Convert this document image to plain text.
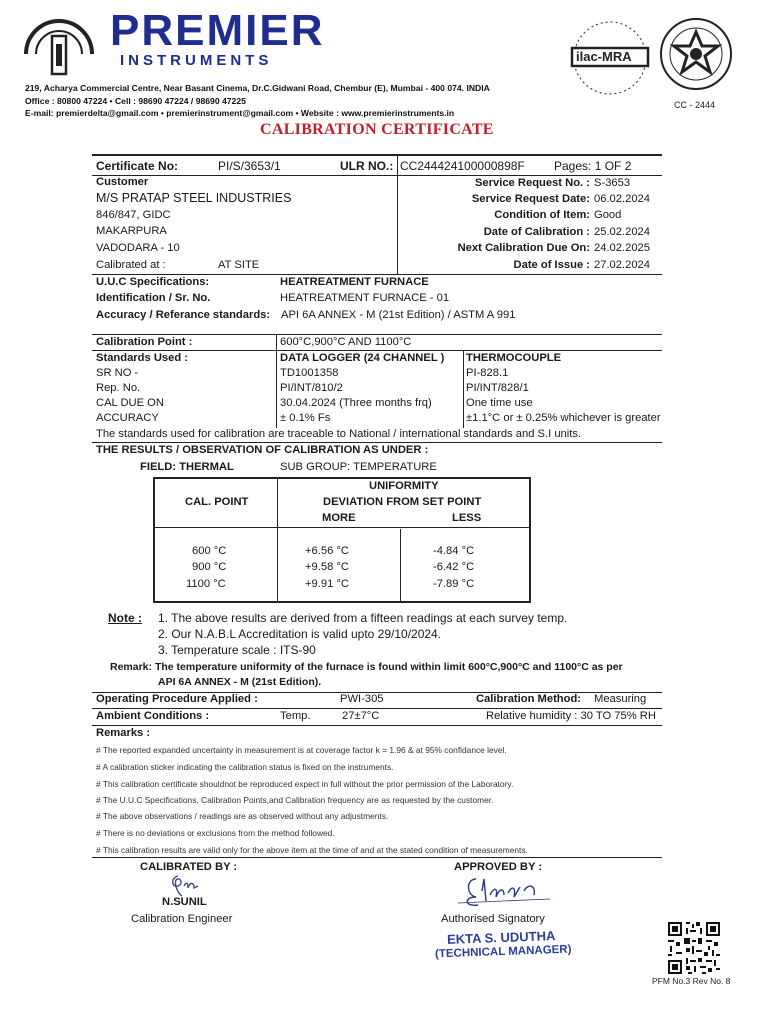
PREMIER
INSTRUMENTS
219, Acharya Commercial Centre, Near Basant Cinema, Dr.C.Gidwani Road, Chembur (E), Mumbai - 400 074. INDIA
Office : 80800 47224 • Cell : 98690 47224 / 98690 47225
E-mail: premierdelta@gmail.com • premierinstrument@gmail.com • Website : www.premierinstruments.in
ilac-MRA
CC - 2444
CALIBRATION CERTIFICATE
Certificate No:	PI/S/3653/1	ULR NO.: CC244424100000898F Pages: 1 OF 2
Customer
M/S PRATAP STEEL INDUSTRIES
846/847, GIDC
MAKARPURA
VADODARA - 10
Calibrated at :	AT SITE
Service Request No. : S-3653
Service Request Date: 06.02.2024
Condition of Item: Good
Date of Calibration : 25.02.2024
Next Calibration Due On: 24.02.2025
Date of Issue : 27.02.2024
U.U.C Specifications:	HEATREATMENT FURNACE
Identification / Sr. No.	HEATREATMENT FURNACE - 01
Accuracy / Referance standards: API 6A ANNEX - M (21st Edition) / ASTM A 991
Calibration Point :	600°C,900°C AND 1100°C
Standards Used :	DATA LOGGER (24 CHANNEL ) THERMOCOUPLE
SR NO -	TD1001358	PI-828.1
Rep. No.	PI/INT/810/2	PI/INT/828/1
CAL DUE ON	30.04.2024 (Three months frq)	One time use
ACCURACY	± 0.1% Fs	±1.1°C or ± 0.25% whichever is greater
The standards used for calibration are traceable to National / international standards and S.I units.
THE RESULTS / OBSERVATION OF CALIBRATION AS UNDER :
FIELD: THERMAL	SUB GROUP: TEMPERATURE
CAL. POINT
UNIFORMITY
DEVIATION FROM SET POINT
MORE	LESS
600 °C	+6.56 °C	-4.84 °C
900 °C	+9.58 °C	-6.42 °C
1100 °C	+9.91 °C	-7.89 °C
Note : 1. The above results are derived from a fifteen readings at each survey temp.
2. Our N.A.B.L Accreditation is valid upto 29/10/2024.
3. Temperature scale : ITS-90
Remark: The temperature uniformity of the furnace is found within limit 600°C,900°C and 1100°C as per
API 6A ANNEX - M (21st Edition).
Operating Procedure Applied :	PWI-305	Calibration Method: Measuring
Ambient Conditions :	Temp.	27±7°C	Relative humidity : 30 TO 75% RH
Remarks :
# The reported expanded uncertainty in measurement is at coverage factor k = 1.96 & at 95% confidance level.
# A calibration sticker indicating the calibration status is fixed on the instruments.
# This calibration certificate shouldnot be reproduced expect in full without the prior permission of the Laboratory.
# The U.U.C Specifications, Calibration Points,and Calibration frequency are as requested by the customer.
# The above observations / readings are as observed without any adjustments.
# There is no deviations or exclusions from the method followed.
# This calibration results are valid only for the above item at the time of and at the stated condition of measurements.
CALIBRATED BY :
N.SUNIL
Calibration Engineer
APPROVED BY :
Authorised Signatory
EKTA S. UDUTHA
(TECHNICAL MANAGER)
PFM No.3 Rev No. 8
